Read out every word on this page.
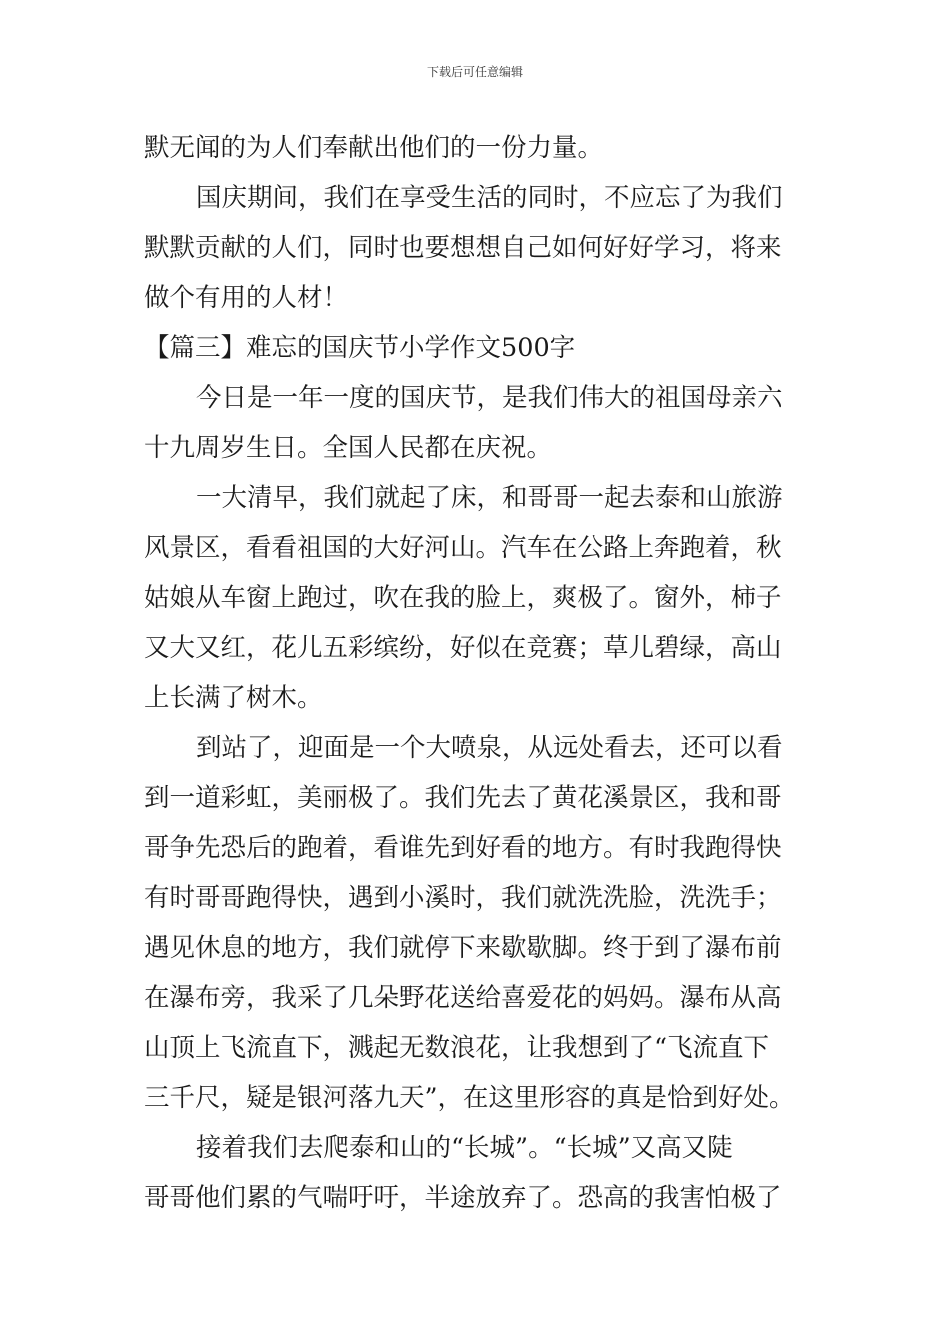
下载后可任意编辑
默无闻的为人们奉献出他们的一份力量。
国庆期间，我们在享受生活的同时，不应忘了为我们
默默贡献的人们，同时也要想想自己如何好好学习，将来
做个有用的人材！
【篇三】难忘的国庆节小学作文500字
今日是一年一度的国庆节，是我们伟大的祖国母亲六
十九周岁生日。全国人民都在庆祝。
一大清早，我们就起了床，和哥哥一起去泰和山旅游
风景区，看看祖国的大好河山。汽车在公路上奔跑着，秋
姑娘从车窗上跑过，吹在我的脸上，爽极了。窗外，柿子
又大又红，花儿五彩缤纷，好似在竞赛；草儿碧绿，高山
上长满了树木。
到站了，迎面是一个大喷泉，从远处看去，还可以看
到一道彩虹，美丽极了。我们先去了黄花溪景区，我和哥
哥争先恐后的跑着，看谁先到好看的地方。有时我跑得快
有时哥哥跑得快，遇到小溪时，我们就洗洗脸，洗洗手；
遇见休息的地方，我们就停下来歇歇脚。终于到了瀑布前
在瀑布旁，我采了几朵野花送给喜爱花的妈妈。瀑布从高
山顶上飞流直下，溅起无数浪花，让我想到了“飞流直下
三千尺，疑是银河落九天”，在这里形容的真是恰到好处。
接着我们去爬泰和山的“长城”。“长城”又高又陡
哥哥他们累的气喘吁吁，半途放弃了。恐高的我害怕极了
